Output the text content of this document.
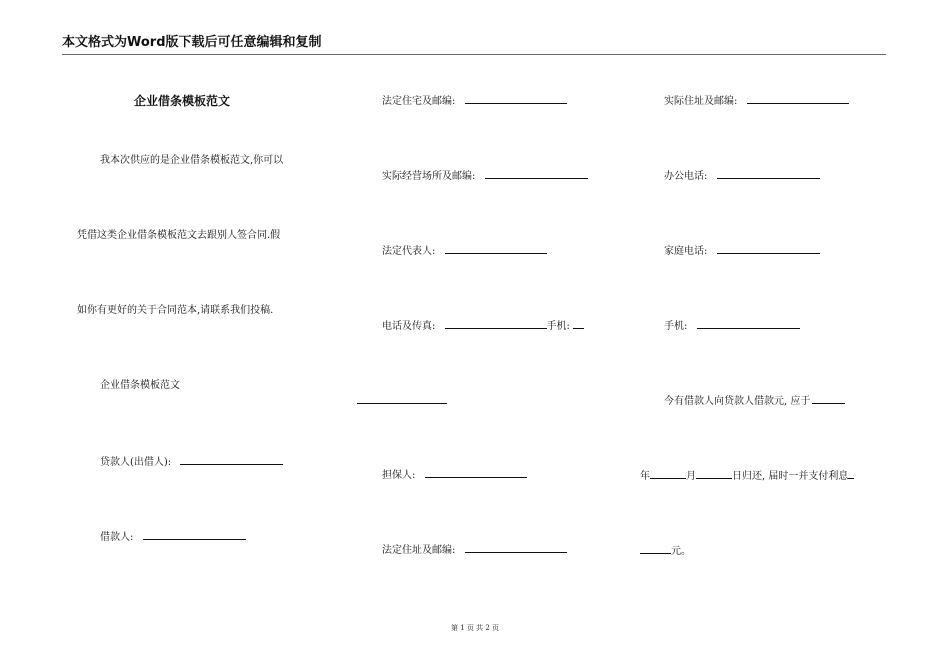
本文格式为Word版下载后可任意编辑和复制
企业借条模板范文
我本次供应的是企业借条模板范文,你可以
凭借这类企业借条模板范文去跟别人签合同.假
如你有更好的关于合同范本,请联系我们投稿.
企业借条模板范文
贷款人(出借人):
借款人:
法定住宅及邮编:
实际经营场所及邮编:
法定代表人:
电话及传真:	手机:
担保人:
法定住址及邮编:
实际住址及邮编:
办公电话:
家庭电话:
手机:
今有借款人向贷款人借款元, 应于
年	月	日归还, 届时一并支付利息
元。
第 1 页 共 2 页
